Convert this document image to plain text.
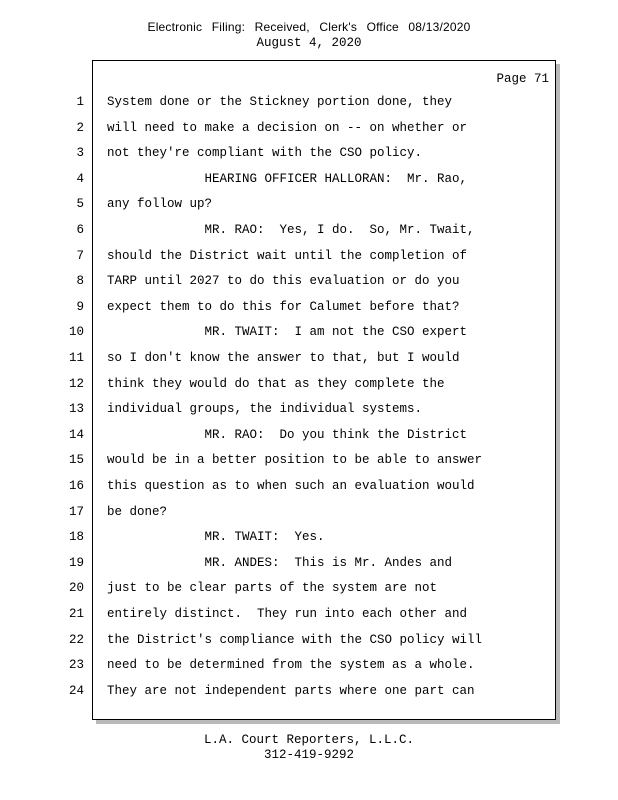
Electronic Filing: Received, Clerk's Office 08/13/2020
August 4, 2020
Page 71
1 System done or the Stickney portion done, they
2 will need to make a decision on -- on whether or
3 not they're compliant with the CSO policy.
4 HEARING OFFICER HALLORAN:  Mr. Rao,
5 any follow up?
6 MR. RAO:  Yes, I do.  So, Mr. Twait,
7 should the District wait until the completion of
8 TARP until 2027 to do this evaluation or do you
9 expect them to do this for Calumet before that?
10 MR. TWAIT:  I am not the CSO expert
11 so I don't know the answer to that, but I would
12 think they would do that as they complete the
13 individual groups, the individual systems.
14 MR. RAO:  Do you think the District
15 would be in a better position to be able to answer
16 this question as to when such an evaluation would
17 be done?
18 MR. TWAIT:  Yes.
19 MR. ANDES:  This is Mr. Andes and
20 just to be clear parts of the system are not
21 entirely distinct.  They run into each other and
22 the District's compliance with the CSO policy will
23 need to be determined from the system as a whole.
24 They are not independent parts where one part can
L.A. Court Reporters, L.L.C.
312-419-9292
